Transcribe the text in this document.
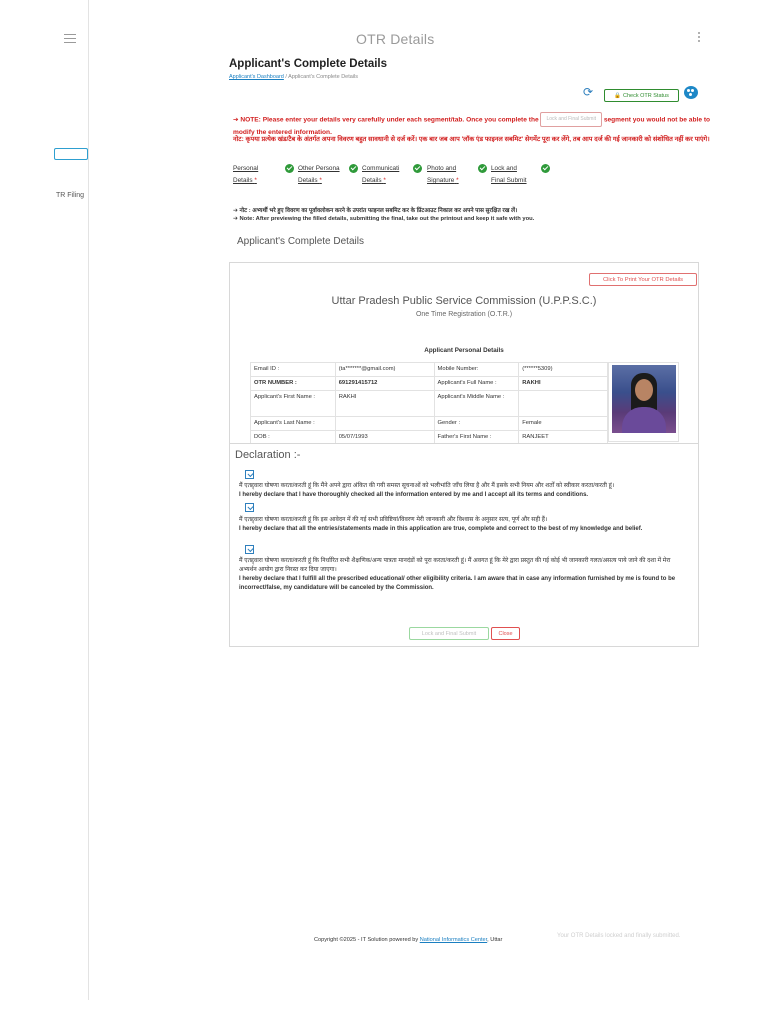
TR Filing
OTR Details
Applicant's Complete Details
Applicant's Dashboard / Applicant's Complete Details
⟳	🔒 Check OTR Status
➔ NOTE: Please enter your details very carefully under each segment/tab. Once you complete the Lock and Final Submit segment you would not be able to modify the entered information.
नोट: कृपया प्रत्येक खंड/टैब के अंतर्गत अपना विवरण बहुत सावधानी से दर्ज करें। एक बार जब आप 'लॉक एंड फाइनल सबमिट' सेगमेंट पूरा कर लेंगे, तब आप दर्ज की गई जानकारी को संशोधित नहीं कर पाएंगे।
Personal
Details *
Other Persona
Details *
Communicati
Details *
Photo and
Signature *
Lock and
Final Submit
➔ नोट : अभ्यर्थी भरे हुए विवरण का पूर्वावलोकन करने के उपरांत फाइनल सबमिट कर के प्रिंटआउट निकाल कर अपने पास सुरक्षित रख लें।
➔ Note: After previewing the filled details, submitting the final, take out the printout and keep it safe with you.
Applicant's Complete Details
Click To Print Your OTR Details
Uttar Pradesh Public Service Commission (U.P.P.S.C.)
One Time Registration (O.T.R.)
Applicant Personal Details
Email ID :	(ta*******@gmail.com)	Mobile Number:	(******5309)
OTR NUMBER :	691291415712	Applicant's Full Name :	RAKHI
Applicant's First Name :	RAKHI	Applicant's Middle Name :	
Applicant's Last Name :		Gender :	Female
DOB :	05/07/1993	Father's First Name :	RANJEET
Declaration :-
मैं एतद्द्वारा घोषणा करता/करती हूं कि मैंने अपने द्वारा अंकित की गयी समस्त सूचनाओं को भलीभांति जाँच लिया है और मैं इसके सभी नियम और शर्तों को स्वीकार करता/करती हूं।
I hereby declare that I have thoroughly checked all the information entered by me and I accept all its terms and conditions.
मैं एतद्द्वारा घोषणा करता/करती हूं कि इस आवेदन में की गई सभी प्रविष्टियां/विवरण मेरी जानकारी और विश्वास के अनुसार सत्य, पूर्ण और सही हैं।
I hereby declare that all the entries/statements made in this application are true, complete and correct to the best of my knowledge and belief.
मैं एतद्द्वारा घोषणा करता/करती हूं कि निर्धारित सभी शैक्षणिक/अन्य पात्रता मानदंडों को पूरा करता/करती हूं। मैं अवगत हूं कि मेरे द्वारा प्रस्तुत की गई कोई भी जानकारी गलत/असत्य पाये जाने की दशा में मेरा अभ्यर्थन आयोग द्वारा निरस्त कर दिया जाएगा।
I hereby declare that I fulfill all the prescribed educational/ other eligibility criteria. I am aware that in case any information furnished by me is found to be incorrect/false, my candidature will be canceled by the Commission.
Lock and Final Submit	Close
Copyright ©2025 - IT Solution powered by National Informatics Center, Uttar
Your OTR Details locked and finally submitted.
